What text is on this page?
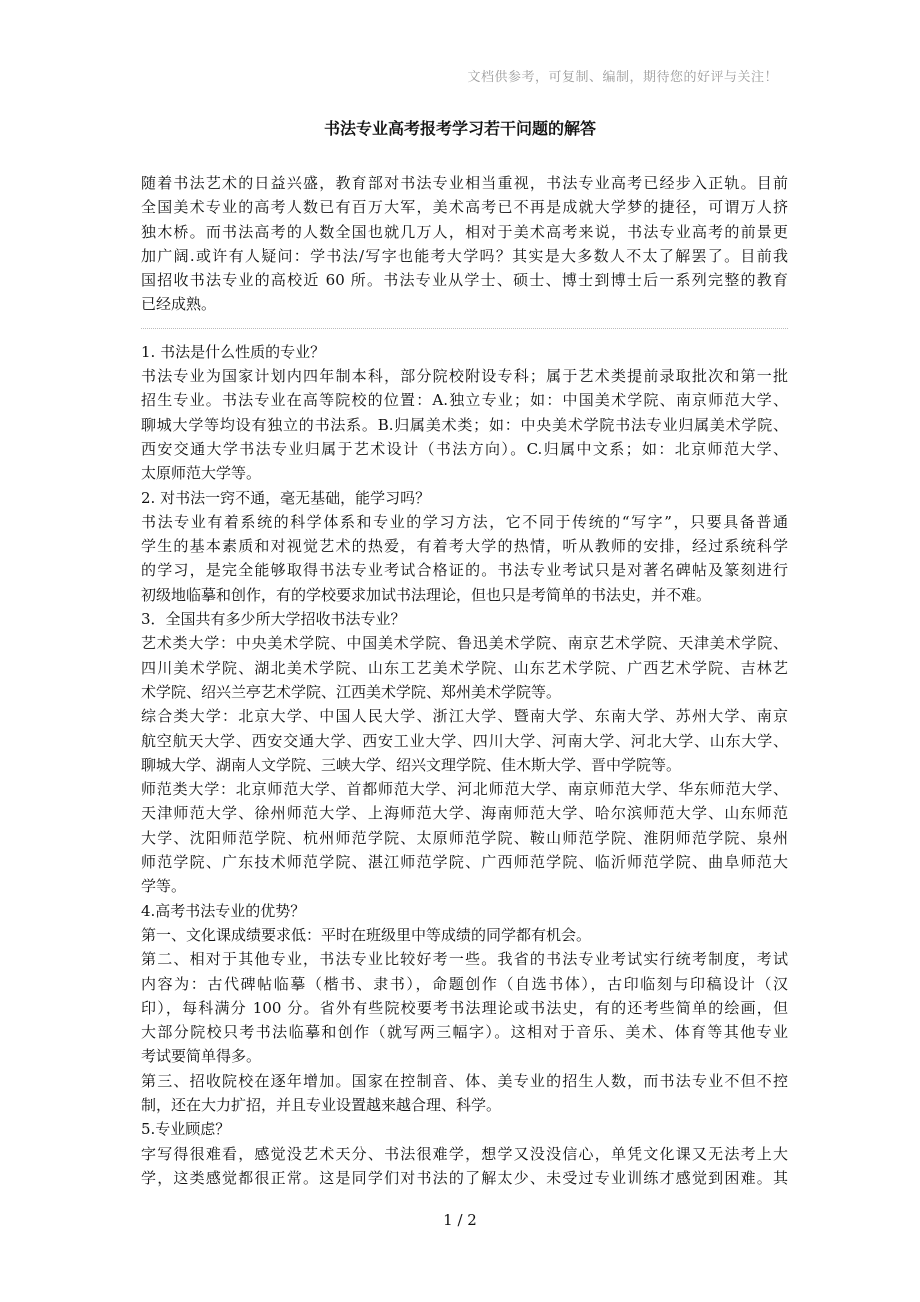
文档供参考，可复制、编制，期待您的好评与关注！
书法专业高考报考学习若干问题的解答
随着书法艺术的日益兴盛，教育部对书法专业相当重视，书法专业高考已经步入正轨。目前
全国美术专业的高考人数已有百万大军，美术高考已不再是成就大学梦的捷径，可谓万人挤
独木桥。而书法高考的人数全国也就几万人，相对于美术高考来说，书法专业高考的前景更
加广阔.或许有人疑问：学书法/写字也能考大学吗？其实是大多数人不太了解罢了。目前我
国招收书法专业的高校近 60 所。书法专业从学士、硕士、博士到博士后一系列完整的教育
已经成熟。
1. 书法是什么性质的专业？
书法专业为国家计划内四年制本科，部分院校附设专科；属于艺术类提前录取批次和第一批
招生专业。书法专业在高等院校的位置：A.独立专业；如：中国美术学院、南京师范大学、
聊城大学等均设有独立的书法系。B.归属美术类；如：中央美术学院书法专业归属美术学院、
西安交通大学书法专业归属于艺术设计（书法方向）。C.归属中文系；如：北京师范大学、
太原师范大学等。
2. 对书法一窍不通，毫无基础，能学习吗？
书法专业有着系统的科学体系和专业的学习方法，它不同于传统的“写字”，只要具备普通
学生的基本素质和对视觉艺术的热爱，有着考大学的热情，听从教师的安排，经过系统科学
的学习，是完全能够取得书法专业考试合格证的。书法专业考试只是对著名碑帖及篆刻进行
初级地临摹和创作，有的学校要求加试书法理论，但也只是考简单的书法史，并不难。
3．全国共有多少所大学招收书法专业？
艺术类大学：中央美术学院、中国美术学院、鲁迅美术学院、南京艺术学院、天津美术学院、
四川美术学院、湖北美术学院、山东工艺美术学院、山东艺术学院、广西艺术学院、吉林艺
术学院、绍兴兰亭艺术学院、江西美术学院、郑州美术学院等。
综合类大学：北京大学、中国人民大学、浙江大学、暨南大学、东南大学、苏州大学、南京
航空航天大学、西安交通大学、西安工业大学、四川大学、河南大学、河北大学、山东大学、
聊城大学、湖南人文学院、三峡大学、绍兴文理学院、佳木斯大学、晋中学院等。
师范类大学：北京师范大学、首都师范大学、河北师范大学、南京师范大学、华东师范大学、
天津师范大学、徐州师范大学、上海师范大学、海南师范大学、哈尔滨师范大学、山东师范
大学、沈阳师范学院、杭州师范学院、太原师范学院、鞍山师范学院、淮阴师范学院、泉州
师范学院、广东技术师范学院、湛江师范学院、广西师范学院、临沂师范学院、曲阜师范大
学等。
4.高考书法专业的优势？
第一、文化课成绩要求低：平时在班级里中等成绩的同学都有机会。
第二、相对于其他专业，书法专业比较好考一些。我省的书法专业考试实行统考制度，考试
内容为：古代碑帖临摹（楷书、隶书），命题创作（自选书体），古印临刻与印稿设计（汉
印），每科满分 100 分。省外有些院校要考书法理论或书法史，有的还考些简单的绘画，但
大部分院校只考书法临摹和创作（就写两三幅字）。这相对于音乐、美术、体育等其他专业
考试要简单得多。
第三、招收院校在逐年增加。国家在控制音、体、美专业的招生人数，而书法专业不但不控
制，还在大力扩招，并且专业设置越来越合理、科学。
5.专业顾虑？
字写得很难看，感觉没艺术天分、书法很难学，想学又没没信心，单凭文化课又无法考上大
学，这类感觉都很正常。这是同学们对书法的了解太少、未受过专业训练才感觉到困难。其
1 / 2
